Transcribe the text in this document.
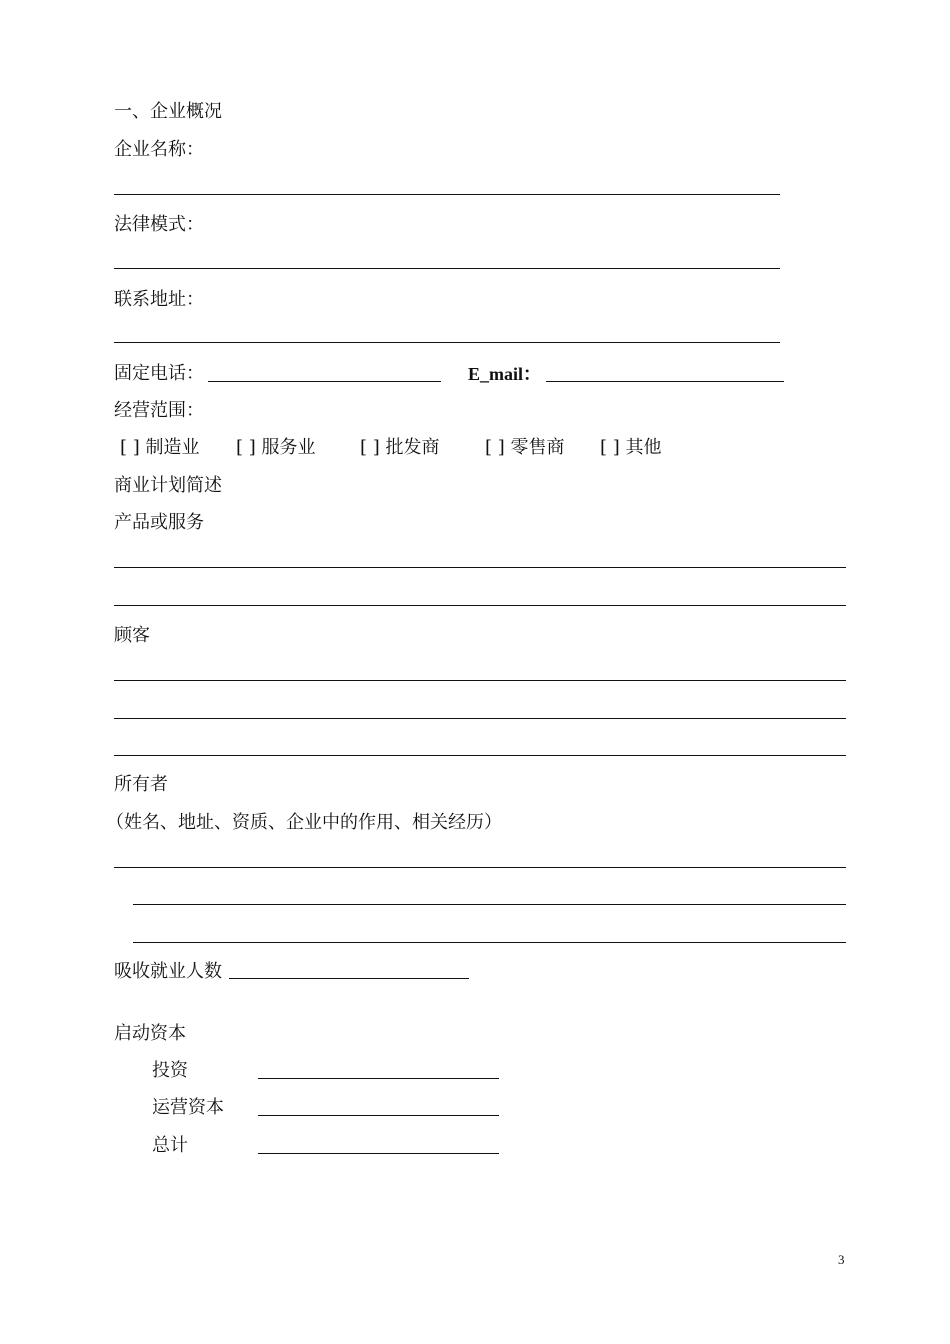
一、企业概况
企业名称：
法律模式：
联系地址：
固定电话：	E_mail：
经营范围：
[ ] 制造业 [ ] 服务业 [ ] 批发商	[ ] 零售商 [ ] 其他
商业计划简述
产品或服务
顾客
所有者
（姓名、地址、资质、企业中的作用、相关经历）
吸收就业人数
启动资本
投资
运营资本
总计
3
